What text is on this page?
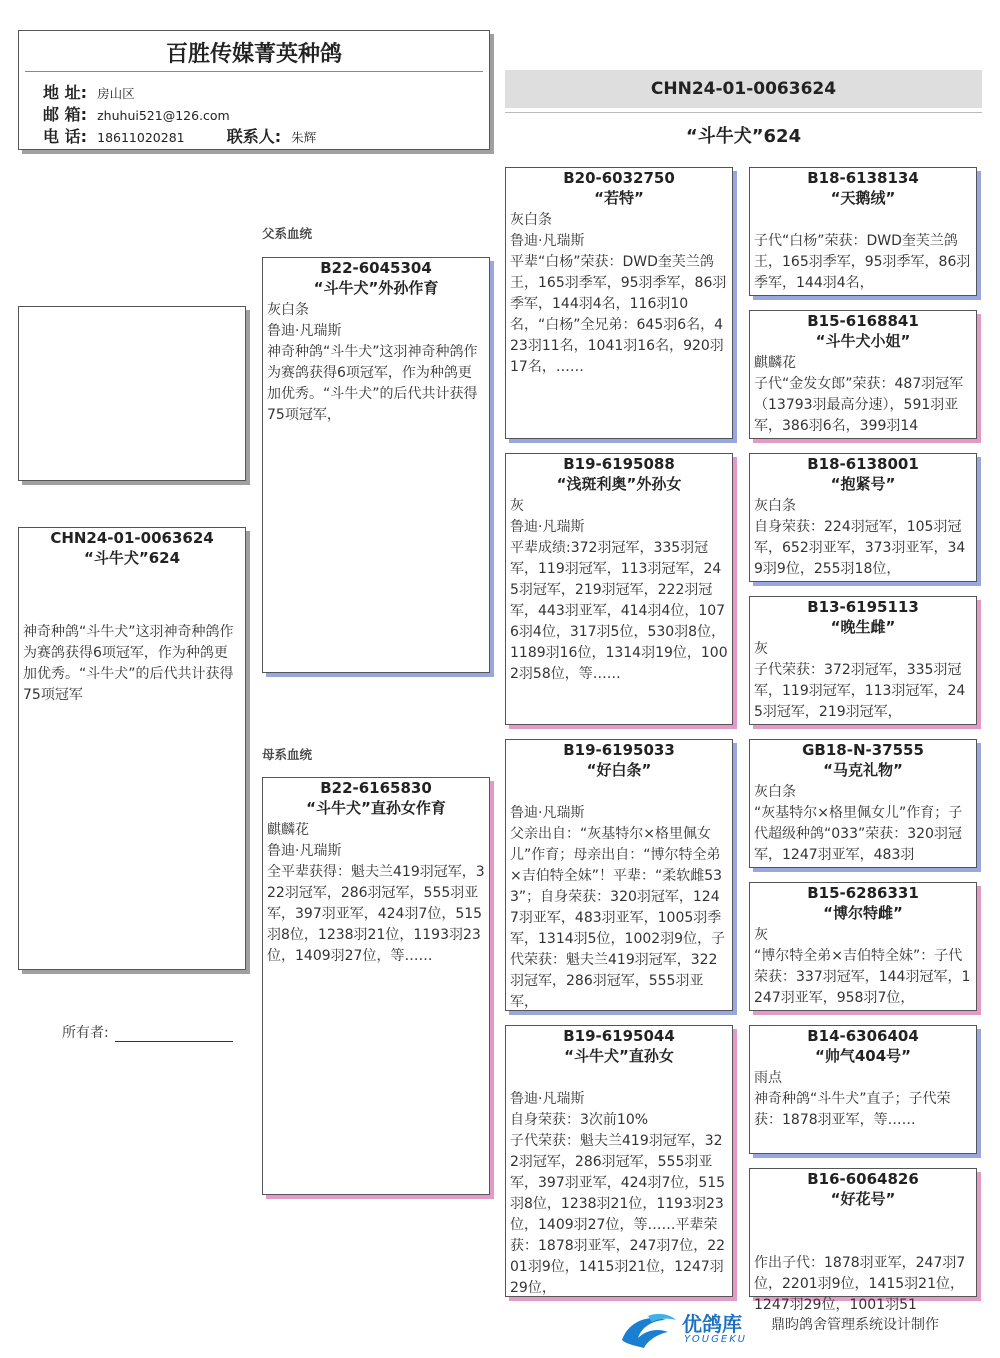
百胜传媒菁英种鸽
地 址: 房山区
邮 箱: zhuhui521@126.com
电 话: 18611020281	联系人: 朱辉
CHN24-01-0063624
“斗牛犬”624
CHN24-01-0063624
“斗牛犬”624
神奇种鸽“斗牛犬”这羽神奇种鸽作为赛鸽获得6项冠军，作为种鸽更加优秀。“斗牛犬”的后代共计获得75项冠军
所有者:
父系血统
母系血统
B22-6045304
“斗牛犬”外孙作育
灰白条
鲁迪·凡瑞斯
神奇种鸽“斗牛犬”这羽神奇种鸽作为赛鸽获得6项冠军，作为种鸽更加优秀。“斗牛犬”的后代共计获得75项冠军，
B22-6165830
“斗牛犬”直孙女作育
麒麟花
鲁迪·凡瑞斯
全平辈获得：魁夫兰419羽冠军，322羽冠军，286羽冠军，555羽亚军，397羽亚军，424羽7位，515羽8位，1238羽21位，1193羽23位，1409羽27位，等……
B20-6032750
“若特”
灰白条
鲁迪·凡瑞斯
平辈“白杨”荣获：DWD奎芙兰鸽王，165羽季军，95羽季军，86羽季军，144羽4名，116羽10名，“白杨”全兄弟：645羽6名，423羽11名，1041羽16名，920羽17名，……
B19-6195088
“浅斑利奥”外孙女
灰
鲁迪·凡瑞斯
平辈成绩:372羽冠军，335羽冠军，119羽冠军，113羽冠军，245羽冠军，219羽冠军，222羽冠军，443羽亚军，414羽4位，1076羽4位，317羽5位，530羽8位，1189羽16位，1314羽19位，1002羽58位，等……
B19-6195033
“好白条”
鲁迪·凡瑞斯
父亲出自：“灰基特尔×格里佩女儿”作育；母亲出自：“博尔特全弟×吉伯特全妹”！平辈：“柔软雌533”；自身荣获：320羽冠军，1247羽亚军，483羽亚军，1005羽季军，1314羽5位，1002羽9位，子代荣获：魁夫兰419羽冠军，322羽冠军，286羽冠军，555羽亚军，
B19-6195044
“斗牛犬”直孙女
鲁迪·凡瑞斯
自身荣获：3次前10%
子代荣获：魁夫兰419羽冠军，322羽冠军，286羽冠军，555羽亚军，397羽亚军，424羽7位，515羽8位，1238羽21位，1193羽23位，1409羽27位，等……平辈荣获：1878羽亚军，247羽7位，2201羽9位，1415羽21位，1247羽29位，
B18-6138134
“天鹅绒”
子代“白杨”荣获：DWD奎芙兰鸽王，165羽季军，95羽季军，86羽季军，144羽4名，
B15-6168841
“斗牛犬小姐”
麒麟花
子代“金发女郎”荣获：487羽冠军（13793羽最高分速），591羽亚军，386羽6名，399羽14
B18-6138001
“抱紧号”
灰白条
自身荣获：224羽冠军，105羽冠军，652羽亚军，373羽亚军，349羽9位，255羽18位，
B13-6195113
“晚生雌”
灰
子代荣获：372羽冠军，335羽冠军，119羽冠军，113羽冠军，245羽冠军，219羽冠军，
GB18-N-37555
“马克礼物”
灰白条
“灰基特尔×格里佩女儿”作育；子代超级种鸽“033”荣获：320羽冠军，1247羽亚军，483羽
B15-6286331
“博尔特雌”
灰
“博尔特全弟×吉伯特全妹”：子代荣获：337羽冠军，144羽冠军，1247羽亚军，958羽7位，
B14-6306404
“帅气404号”
雨点
神奇种鸽“斗牛犬”直子；子代荣获：1878羽亚军，等……
B16-6064826
“好花号”
作出子代：1878羽亚军，247羽7位，2201羽9位，1415羽21位，1247羽29位，1001羽51
优鸽库
YOUGEKU
鼎昀鸽舍管理系统设计制作
